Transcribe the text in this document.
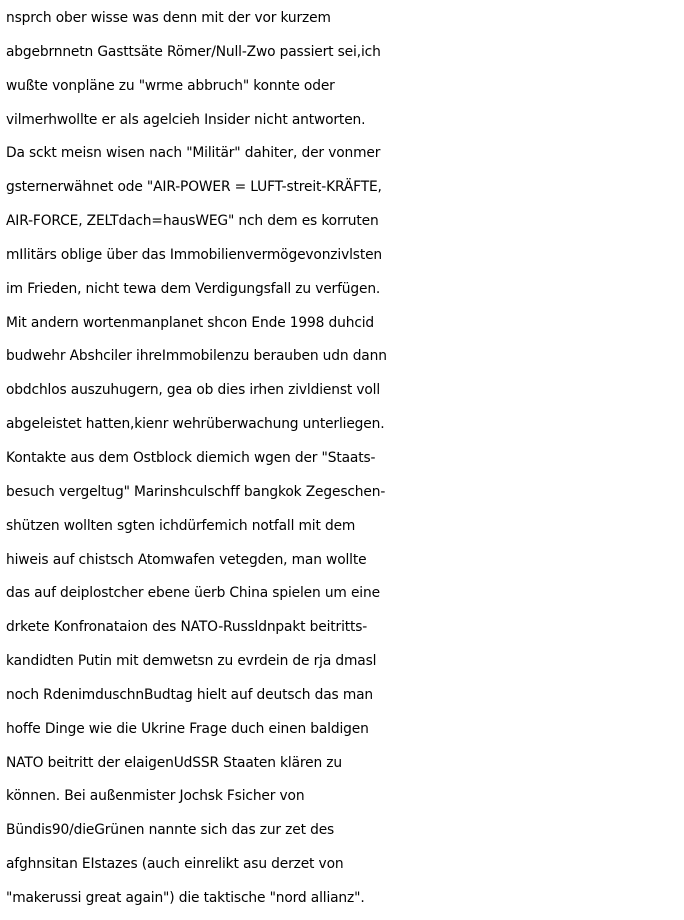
nsprch ober wisse was denn mit der vor kurzem
abgebrnnetn Gasttsäte Römer/Null-Zwo passiert sei,ich
wußte vonpläne zu "wrme abbruch" konnte oder
vilmerhwollte er als agelcieh Insider nicht antworten.
Da sckt meisn wisen nach "Militär" dahiter, der vonmer
gsternerwähnet ode "AIR-POWER = LUFT-streit-KRÄFTE,
AIR-FORCE, ZELTdach=hausWEG" nch dem es korruten
mIlitärs oblige über das Immobilienvermögevonzivlsten
im Frieden, nicht tewa dem Verdigungsfall zu verfügen.
Mit andern wortenmanplanet shcon Ende 1998 duhcid
budwehr Abshciler ihreImmobilenzu berauben udn dann
obdchlos auszuhugern, gea ob dies irhen zivldienst voll
abgeleistet hatten,kienr wehrüberwachung unterliegen.
Kontakte aus dem Ostblock diemich wgen der "Staats-
besuch vergeltug" Marinshculschff bangkok Zegeschen-
shützen wollten sgten ichdürfemich notfall mit dem
hiweis auf chistsch Atomwafen vetegden, man wollte
das auf deiplostcher ebene üerb China spielen um eine
drkete Konfronataion des NATO-Russldnpakt beitritts-
kandidten Putin mit demwetsn zu evrdein de rja dmasl
noch RdenimduschnBudtag hielt auf deutsch das man
hoffe Dinge wie die Ukrine Frage duch einen baldigen
NATO beitritt der elaigenUdSSR Staaten klären zu
können. Bei außenmister Jochsk Fsicher von
Bündis90/dieGrünen nannte sich das zur zet des
afghnsitan EIstazes (auch einrelikt asu derzet von
"makerussi great again") die taktische "nord allianz".
